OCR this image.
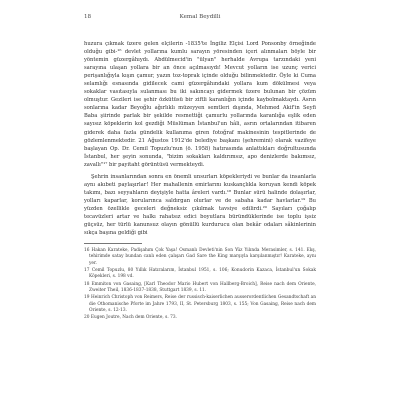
18	Kemal Beydilli

huzura çıkmak üzere gelen elçilerin -1835'te İngiliz Elçisi Lord Ponsonby örneğinde olduğu gibi-¹⁶ devlet yollarına kumlu sarayın yöresinden içeri alınmaları böyle bir yöntemin güzergâhıydı. Abdülmecid'in "ülyan" herhalde Avrupa tarzındaki yeni sarayına ulaşan yollara bir an önce açılmasıydı! Mevcut yolların ise uzunç verici perişanlığıyla kışın çamur, yazın toz-toprak içinde olduğu bilinmektedir. Öyle ki Cuma selamlığı esnasında gidilecek cami güzergâhındaki yollara kum dökülmesi veya sokaklar vasıtasıyla sulanması bu iki sakıncayı gidermek üzere bulunan bir çözüm olmuştur. Gezileri ise şehir özkütüsü bir ziftli karanlığın içinde kaybolmaktaydı. Asrın sonlarına kadar Beyoğlu ağırlıklı müzeyyen semtleri dışında, Mehmed Akif'in Seyfi Baba şiirinde parlak bir şekilde resmettiği çamurlu yollarında karanlığa eşlik eden sayısız köpeklerin kol gezdiği Müslüman İstanbul'un hâli, asrın ortalarından itibaren giderek daha fazla gündelik kullanıma giren fotoğraf makinesinin tespitlerinde de gözlemlenmektedir. 21 Ağustos 1912'de belediye başkanı (şehremini) olarak vazifeye başlayan Op. Dr. Cemil Topuzlu'nun (ö. 1958) hatırasında anlattıkları doğrultusunda İstanbul, her şeyin sonunda, "bizim sokakları kaldırımsız, apo denizlerde bakımsız, zavallı"¹⁷ bir payitaht görüntüsü vermekteydi.

Şehrin insanlarından sonra en önemli unsurları köpekleriydi ve bunlar da insanlarla aynı akıbeti paylaşırlar! Her mahallenin emirlarını kuskançlıkla koruyan kendi köpek takımı, bazı seyyahların deyişiyle hatta âreleri vardı.¹⁸ Bunlar sürü halinde dolaşırlar, yolları kaparlar, korularınca saldırgan olurlar ve de sabaha kadar havlarlar.¹⁹ Bu yüzden özellikle geceleri değneksiz çıkılmak tavsiye edilirdi.²⁰ Sayıları çoğalıp tecavüzleri artar ve halkı rahatsız edici boyutlara büründüklerinde ise toplu işsiz güçsüz, her türlü kanunsuz olayın gönüllü kurdurucu olan bekâr odaları sâkinlerinin sıkça başına geldiği gibi

16 Hakan Karateke, Padişahım Çok Yaşa! Osmanlı Devleti'nin Son Yüz Yılında Merasimler, s. 141. Ekş, tehirimde satay bundan canlı eden çalışarı Gad Sare the King marşıyla karşılanmıştır! Karateke, aynı yer.

17 Cemil Topuzlu, 80 Yıllık Hatıralarım, İstanbul 1951, s. 106; Konudorin Kazaca, İstanbul'un Sokak Köpekleri, s. 198 vd.

18 Emmiton von Gasaing, [Karl Theodor Mario Hubert von Hallberg-Broich], Reise nach dem Oriente, Zweiter Theil, 1836-1837-1838, Stuttgart 1839, s. 11.

19 Heinrich Christoph von Reimers, Reise der russisch-kaiserlichen ausserordentlichen Gesandtschaft an die Othomanische Pforte im Jahre 1793, II, St. Petersburg 1803, s. 155; Von Gasaing, Reise nach dem Oriente, s. 12-13.

20 Eugen Joutre, Nach dem Oriente, s. 73.
